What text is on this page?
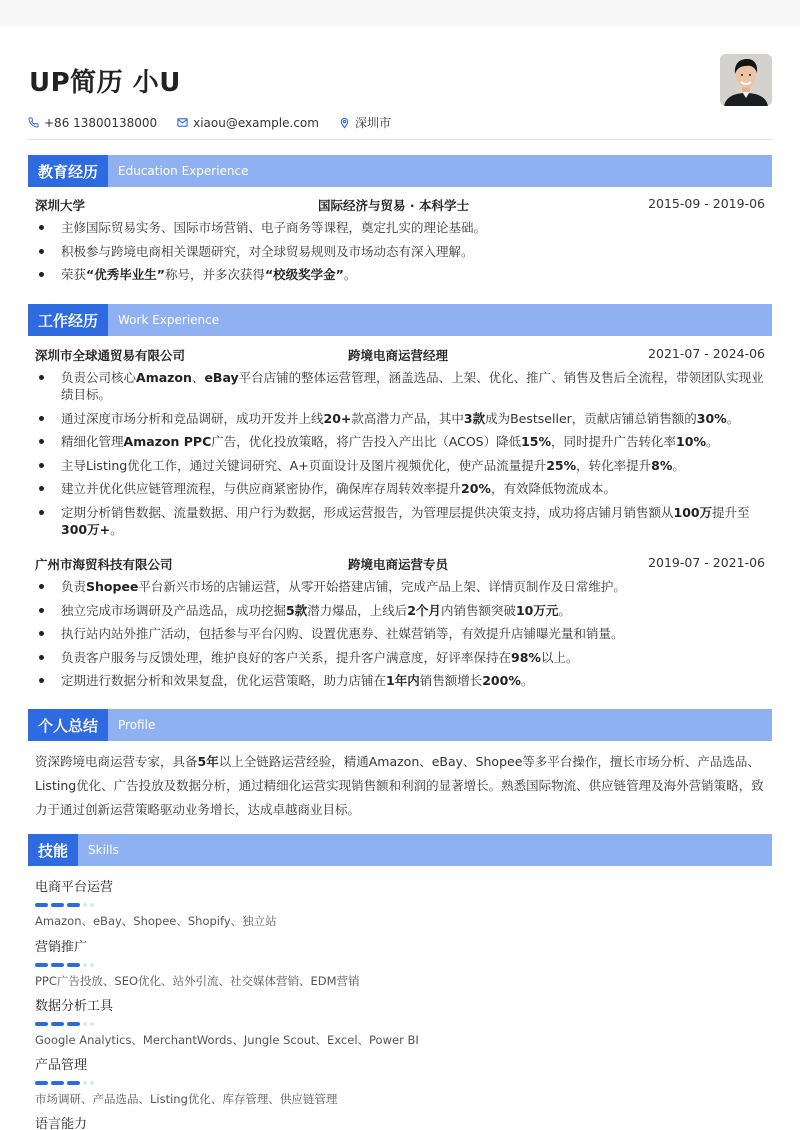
UP简历 小U
+86 13800138000	xiaou@example.com	深圳市
教育经历	Education Experience
深圳大学	国际经济与贸易 · 本科学士	2015-09 - 2019-06
主修国际贸易实务、国际市场营销、电子商务等课程，奠定扎实的理论基础。
积极参与跨境电商相关课题研究，对全球贸易规则及市场动态有深入理解。
荣获“优秀毕业生”称号，并多次获得“校级奖学金”。
工作经历	Work Experience
深圳市全球通贸易有限公司	跨境电商运营经理	2021-07 - 2024-06
负责公司核心Amazon、eBay平台店铺的整体运营管理，涵盖选品、上架、优化、推广、销售及售后全流程，带领团队实现业绩目标。
通过深度市场分析和竞品调研，成功开发并上线20+款高潜力产品，其中3款成为Bestseller，贡献店铺总销售额的30%。
精细化管理Amazon PPC广告，优化投放策略，将广告投入产出比（ACOS）降低15%，同时提升广告转化率10%。
主导Listing优化工作，通过关键词研究、A+页面设计及图片视频优化，使产品流量提升25%，转化率提升8%。
建立并优化供应链管理流程，与供应商紧密协作，确保库存周转效率提升20%，有效降低物流成本。
定期分析销售数据、流量数据、用户行为数据，形成运营报告，为管理层提供决策支持，成功将店铺月销售额从100万提升至300万+。
广州市海贸科技有限公司	跨境电商运营专员	2019-07 - 2021-06
负责Shopee平台新兴市场的店铺运营，从零开始搭建店铺，完成产品上架、详情页制作及日常维护。
独立完成市场调研及产品选品，成功挖掘5款潜力爆品，上线后2个月内销售额突破10万元。
执行站内站外推广活动，包括参与平台闪购、设置优惠券、社媒营销等，有效提升店铺曝光量和销量。
负责客户服务与反馈处理，维护良好的客户关系，提升客户满意度，好评率保持在98%以上。
定期进行数据分析和效果复盘，优化运营策略，助力店铺在1年内销售额增长200%。
个人总结	Profile
资深跨境电商运营专家，具备5年以上全链路运营经验，精通Amazon、eBay、Shopee等多平台操作，擅长市场分析、产品选品、Listing优化、广告投放及数据分析，通过精细化运营实现销售额和利润的显著增长。熟悉国际物流、供应链管理及海外营销策略，致力于通过创新运营策略驱动业务增长，达成卓越商业目标。
技能	Skills
电商平台运营
Amazon、eBay、Shopee、Shopify、独立站
营销推广
PPC广告投放、SEO优化、站外引流、社交媒体营销、EDM营销
数据分析工具
Google Analytics、MerchantWords、Jungle Scout、Excel、Power BI
产品管理
市场调研、产品选品、Listing优化、库存管理、供应链管理
语言能力
